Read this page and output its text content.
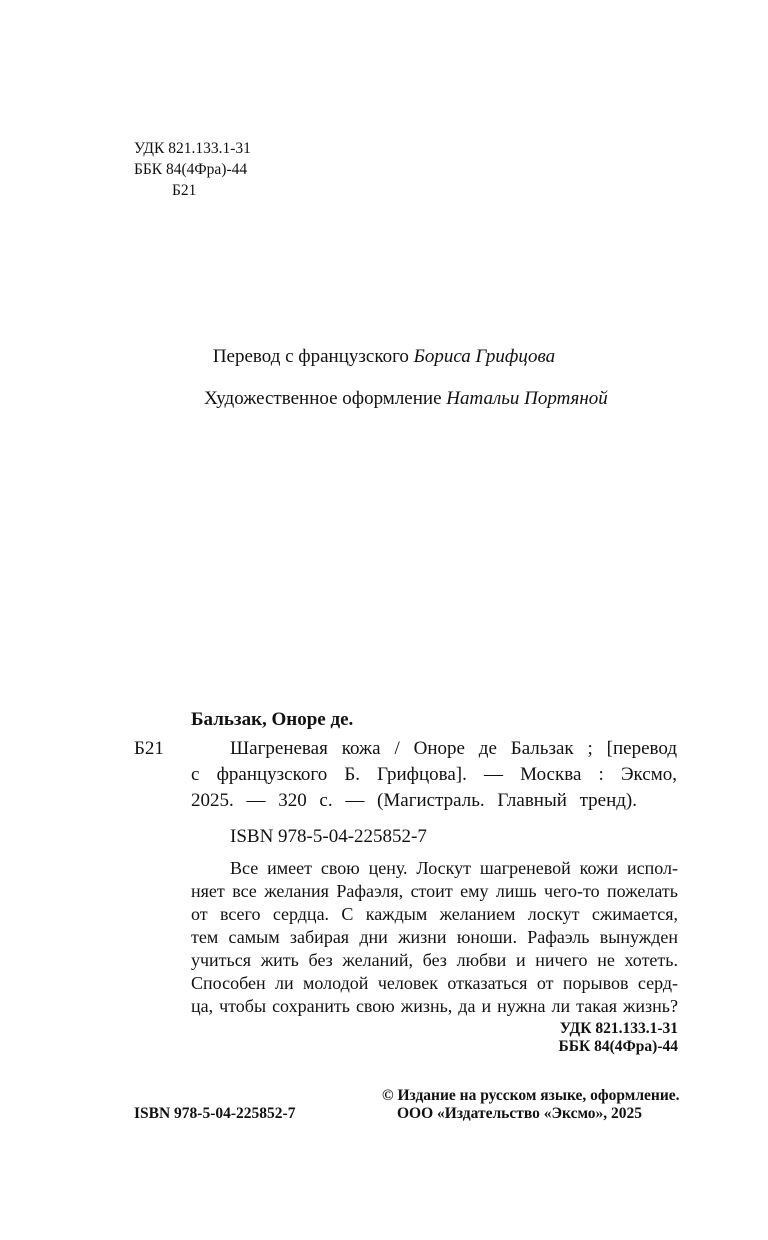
УДК 821.133.1-31
ББК 84(4Фра)-44
Б21
Перевод с французского Бориса Грифцова
Художественное оформление Натальи Портяной
Бальзак, Оноре де.
Б21	Шагреневая кожа / Оноре де Бальзак ; [перевод
с французского Б. Грифцова]. — Москва : Эксмо,
2025. — 320 с. — (Магистраль. Главный тренд).
ISBN 978-5-04-225852-7
Все имеет свою цену. Лоскут шагреневой кожи испол-
няет все желания Рафаэля, стоит ему лишь чего-то пожелать
от всего сердца. С каждым желанием лоскут сжимается,
тем самым забирая дни жизни юноши. Рафаэль вынужден
учиться жить без желаний, без любви и ничего не хотеть.
Способен ли молодой человек отказаться от порывов серд-
ца, чтобы сохранить свою жизнь, да и нужна ли такая жизнь?
УДК 821.133.1-31
ББК 84(4Фра)-44
ISBN 978-5-04-225852-7
© Издание на русском языке, оформление.
ООО «Издательство «Эксмо», 2025
